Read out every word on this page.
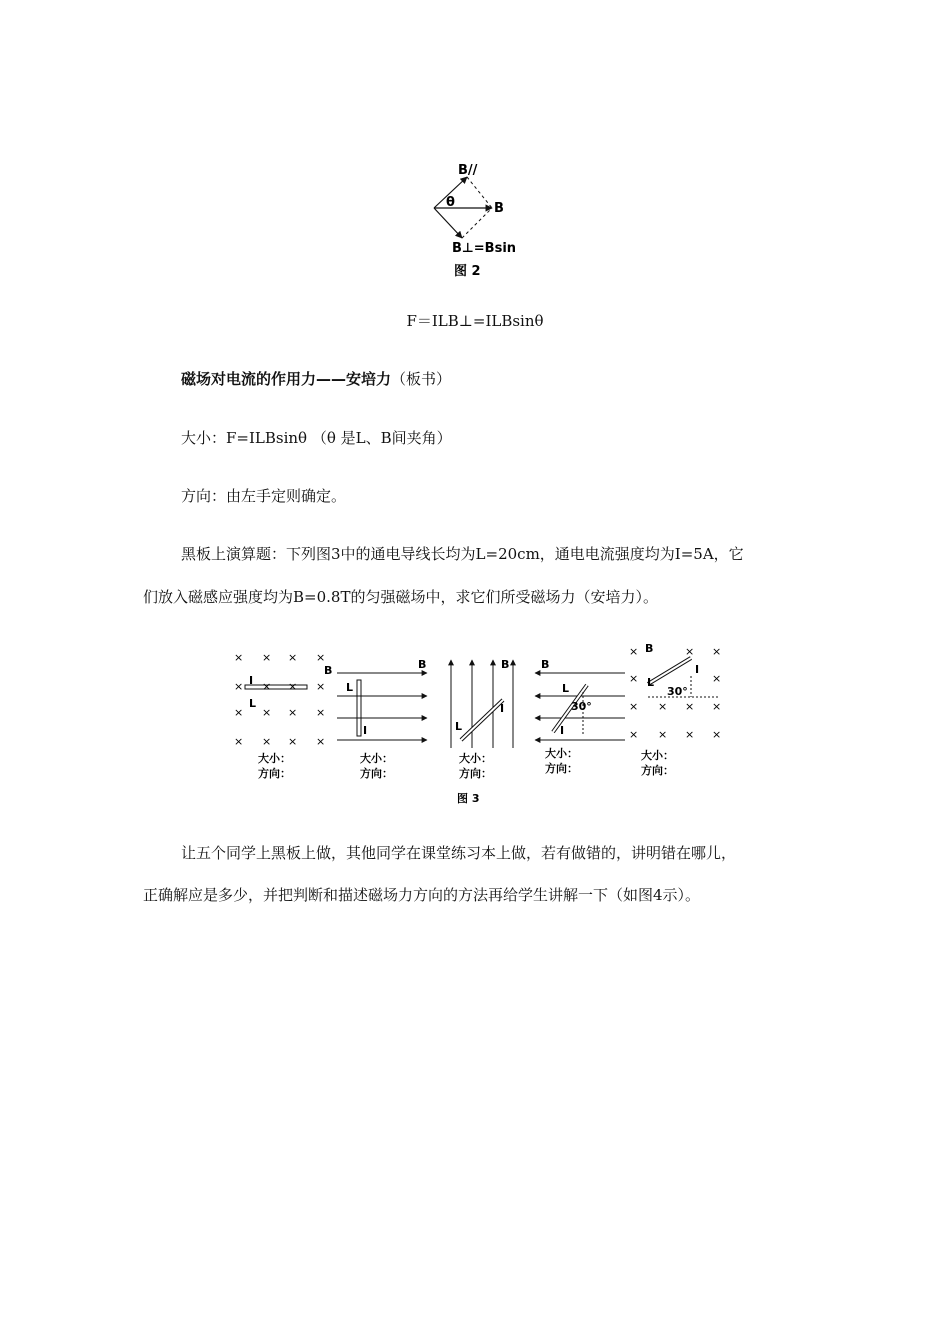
B//
θ	B
B⊥=Bsin
图 2
F＝ILB⊥=ILBsinθ
磁场对电流的作用力——安培力（板书）
大小：F=ILBsinθ （θ 是L、B间夹角）
方向：由左手定则确定。
黑板上演算题：下列图3中的通电导线长均为L=20cm，通电电流强度均为I=5A，它
们放入磁感应强度均为B=0.8T的匀强磁场中，求它们所受磁场力（安培力）。
B
I
L
大小：
方向：
B
L
I
大小：
方向：
B
L
I
大小：
方向：
B
L
30°
I
大小：
方向：
B
I
L
30°
大小：
方向：
× × × ×
×	×
× × × ×
× × × ×
× ×
×	× ×
×	×
× × × ×
× × × ×
图 3
让五个同学上黑板上做，其他同学在课堂练习本上做，若有做错的，讲明错在哪儿，
正确解应是多少，并把判断和描述磁场力方向的方法再给学生讲解一下（如图4示）。
